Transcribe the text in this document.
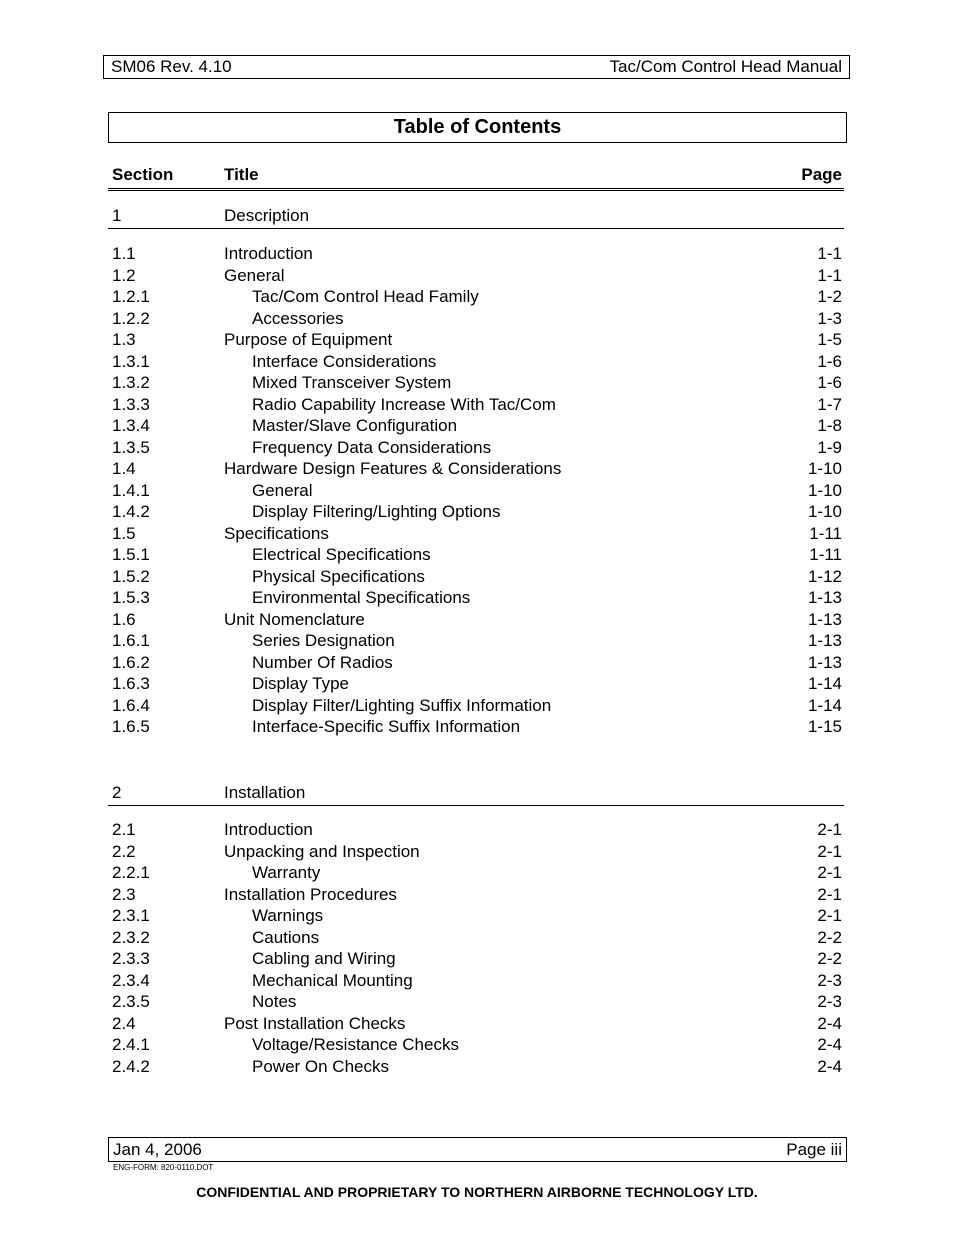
SM06 Rev. 4.10	Tac/Com Control Head Manual
Table of Contents
Section	Title	Page
1	Description
1.1	Introduction	1-1
1.2	General	1-1
1.2.1	Tac/Com Control Head Family	1-2
1.2.2	Accessories	1-3
1.3	Purpose of Equipment	1-5
1.3.1	Interface Considerations	1-6
1.3.2	Mixed Transceiver System	1-6
1.3.3	Radio Capability Increase With Tac/Com	1-7
1.3.4	Master/Slave Configuration	1-8
1.3.5	Frequency Data Considerations	1-9
1.4	Hardware Design Features & Considerations	1-10
1.4.1	General	1-10
1.4.2	Display Filtering/Lighting Options	1-10
1.5	Specifications	1-11
1.5.1	Electrical Specifications	1-11
1.5.2	Physical Specifications	1-12
1.5.3	Environmental Specifications	1-13
1.6	Unit Nomenclature	1-13
1.6.1	Series Designation	1-13
1.6.2	Number Of Radios	1-13
1.6.3	Display Type	1-14
1.6.4	Display Filter/Lighting Suffix Information	1-14
1.6.5	Interface-Specific Suffix Information	1-15
2	Installation
2.1	Introduction	2-1
2.2	Unpacking and Inspection	2-1
2.2.1	Warranty	2-1
2.3	Installation Procedures	2-1
2.3.1	Warnings	2-1
2.3.2	Cautions	2-2
2.3.3	Cabling and Wiring	2-2
2.3.4	Mechanical Mounting	2-3
2.3.5	Notes	2-3
2.4	Post Installation Checks	2-4
2.4.1	Voltage/Resistance Checks	2-4
2.4.2	Power On Checks	2-4
Jan 4, 2006	Page iii
ENG-FORM: 820-0110.DOT
CONFIDENTIAL AND PROPRIETARY TO NORTHERN AIRBORNE TECHNOLOGY LTD.
